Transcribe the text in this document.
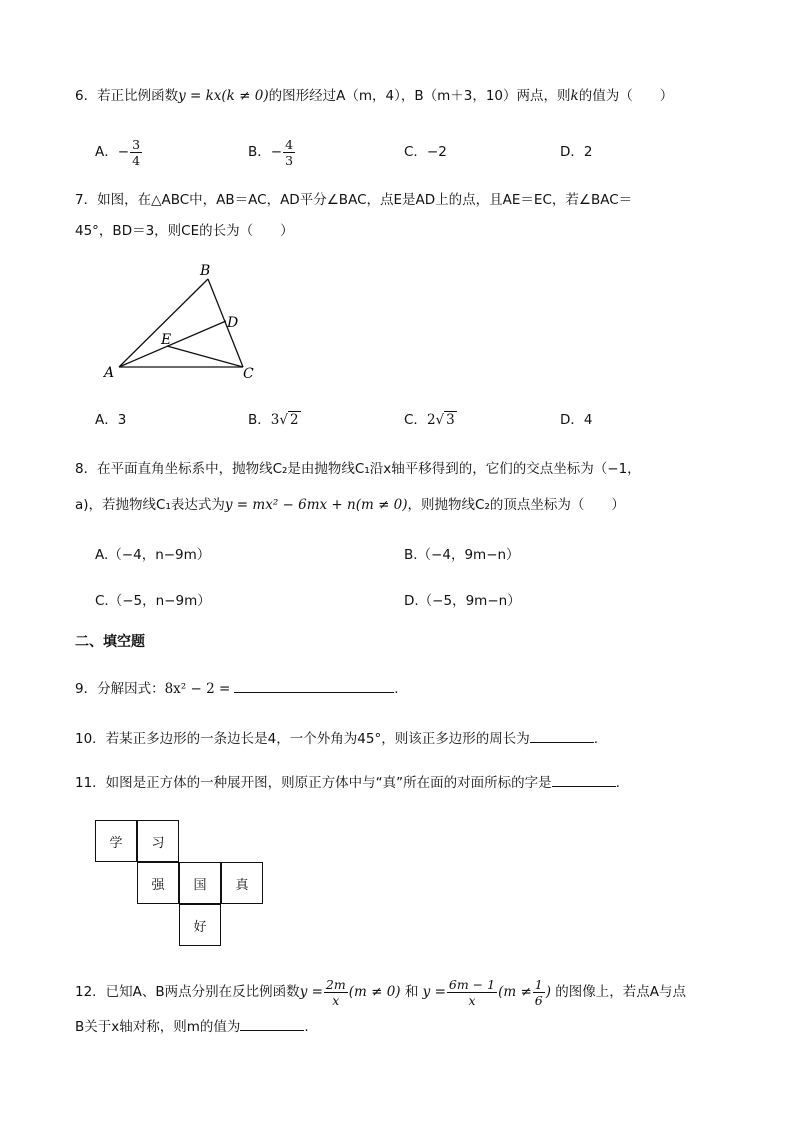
6．若正比例函数y = kx(k ≠ 0)的图形经过A（m，4），B（m＋3，10）两点，则k的值为（　　）
A．− $\frac{3}{4}$	B．− $\frac{4}{3}$	C．−2	D．2
7．如图，在△ABC中，AB＝AC，AD平分∠BAC，点E是AD上的点，且AE＝EC，若∠BAC＝
45°，BD＝3，则CE的长为（　　）
B
D
E
A	C
A．3	B．3√ 2	C．2√ 3	D．4
8．在平面直角坐标系中，抛物线C₂是由抛物线C₁沿x轴平移得到的，它们的交点坐标为（−1，
a)，若抛物线C₁表达式为y = mx² − 6mx + n(m ≠ 0)，则抛物线C₂的顶点坐标为（　　）
A.（−4，n−9m）	B.（−4，9m−n）
C.（−5，n−9m）	D.（−5，9m−n）
二、填空题
9．分解因式：8x² − 2 =	.
10．若某正多边形的一条边长是4，一个外角为45°，则该正多边形的周长为	.
11．如图是正方体的一种展开图，则原正方体中与“真”所在面的对面所标的字是	.
学	习
强	国	真
好
12．已知A、B两点分别在反比例函数$y = \frac{2m}{x} (m \ne 0)$ 和 $y = \frac{6m - 1}{x} (m \ne \frac{1}{6}$ ) 的图像上，若点A与点
B关于x轴对称，则m的值为	.
